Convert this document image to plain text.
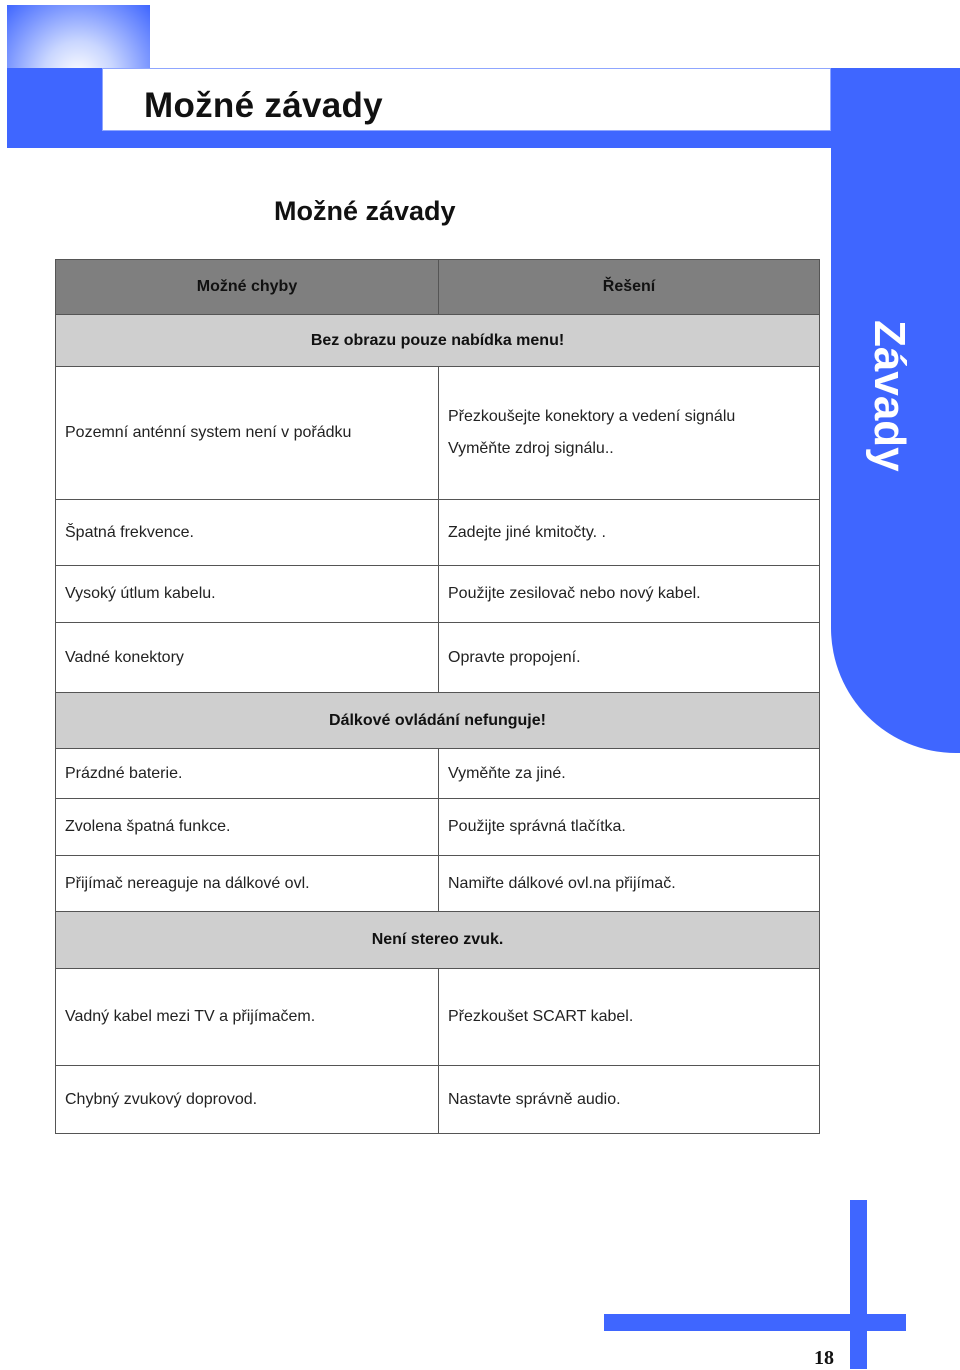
Možné závady
Závady
Možné závady
Možné chyby	Řešení
Bez obrazu pouze nabídka menu!	
Pozemní anténní system není v pořádku	Přezkoušejte konektory a vedení signálu
Vyměňte zdroj signálu..

Špatná frekvence.	Zadejte jiné kmitočty. .

Vysoký útlum kabelu.	Použijte zesilovač nebo nový kabel.

Vadné konektory	Opravte propojení.

Dálkové ovládání nefunguje!	
Prázdné baterie.	Vyměňte za jiné.

Zvolena špatná funkce.	Použijte správná tlačítka.

Přijímač nereaguje na dálkové ovl.	Namiřte dálkové ovl.na přijímač.

Není stereo zvuk.	
Vadný kabel mezi TV a přijímačem.	Přezkoušet SCART kabel.

Chybný zvukový doprovod.	Nastavte správně audio.
18
